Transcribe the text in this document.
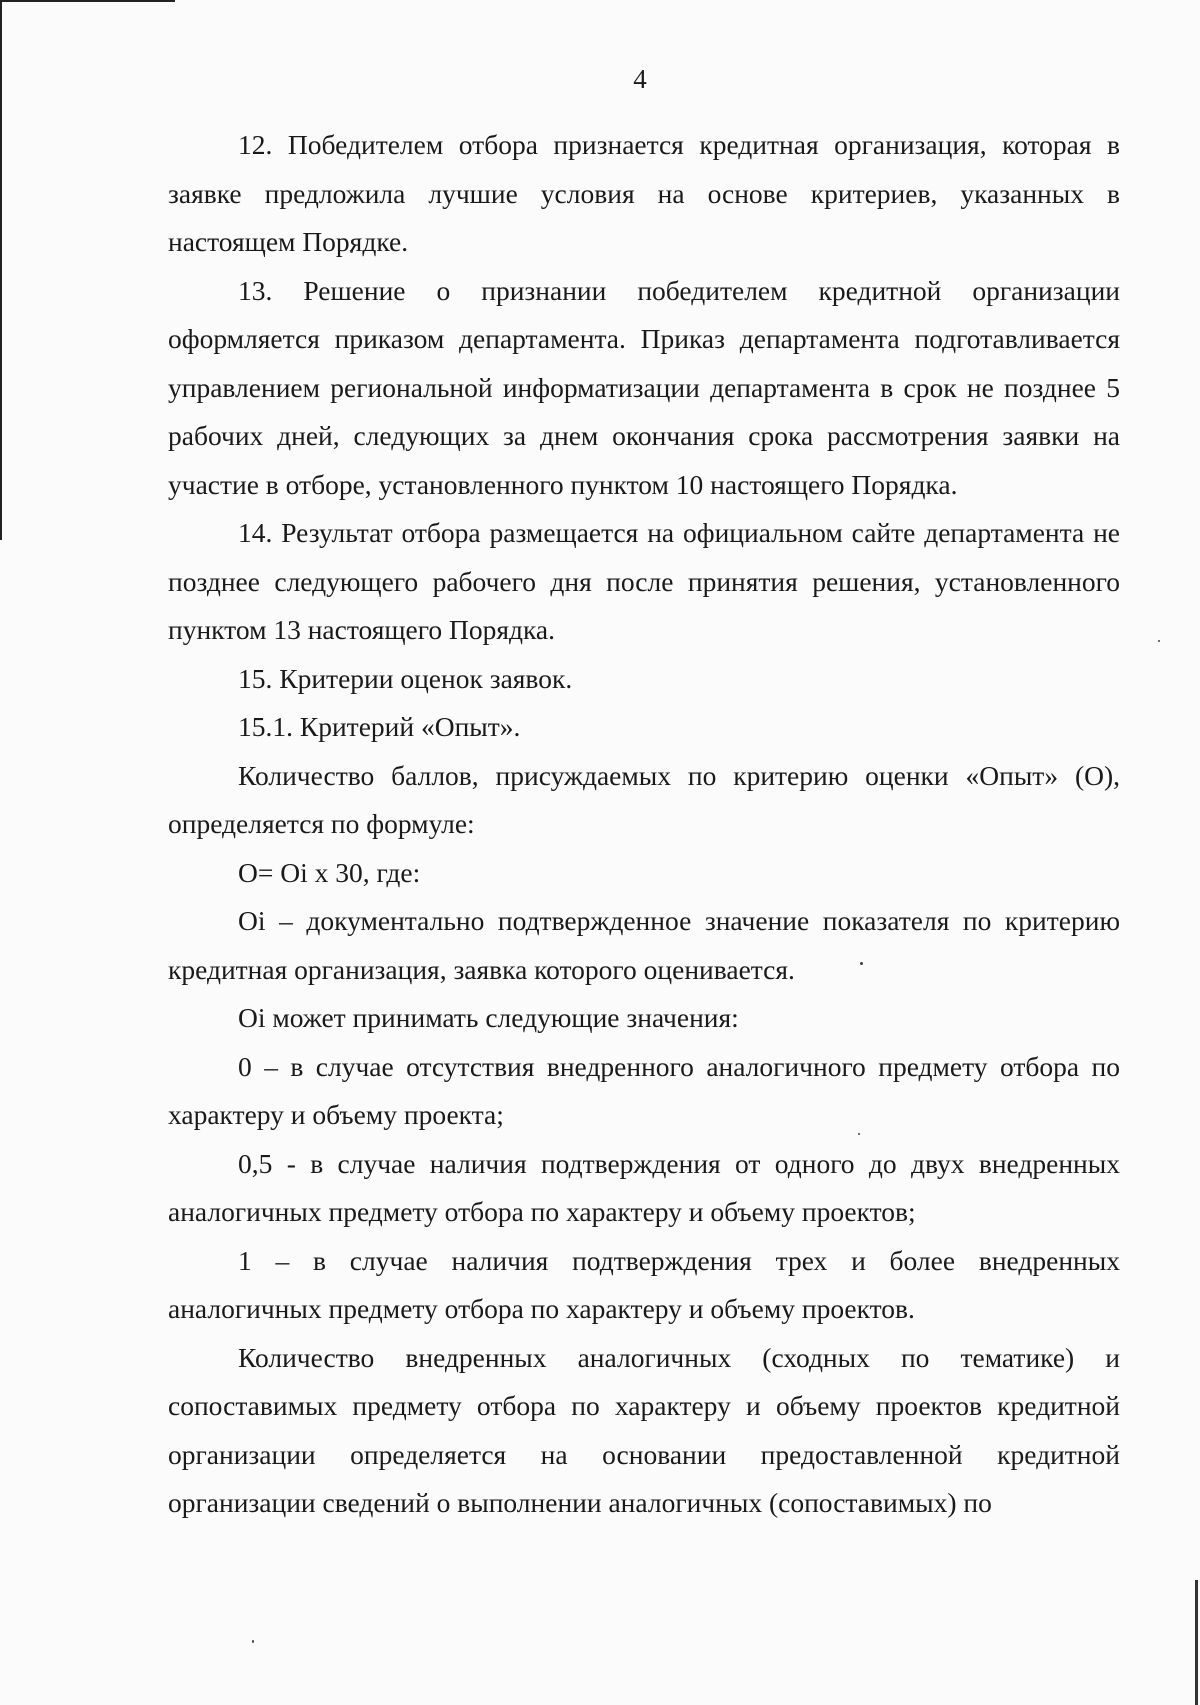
4

12. Победителем отбора признается кредитная организация, которая в заявке предложила лучшие условия на основе критериев, указанных в настоящем Порядке.

13. Решение о признании победителем кредитной организации оформляется приказом департамента. Приказ департамента подготавливается управлением региональной информатизации департамента в срок не позднее 5 рабочих дней, следующих за днем окончания срока рассмотрения заявки на участие в отборе, установленного пунктом 10 настоящего Порядка.

14. Результат отбора размещается на официальном сайте департамента не позднее следующего рабочего дня после принятия решения, установленного пунктом 13 настоящего Порядка.

15. Критерии оценок заявок.

15.1. Критерий «Опыт».

Количество баллов, присуждаемых по критерию оценки «Опыт» (О), определяется по формуле:

О= Оi х 30, где:

Оi – документально подтвержденное значение показателя по критерию кредитная организация, заявка которого оценивается.

Оi может принимать следующие значения:

0 – в случае отсутствия внедренного аналогичного предмету отбора по характеру и объему проекта;

0,5 - в случае наличия подтверждения от одного до двух внедренных аналогичных предмету отбора по характеру и объему проектов;

1 – в случае наличия подтверждения трех и более внедренных аналогичных предмету отбора по характеру и объему проектов.

Количество внедренных аналогичных (сходных по тематике) и сопоставимых предмету отбора по характеру и объему проектов кредитной организации определяется на основании предоставленной кредитной организации сведений о выполнении аналогичных (сопоставимых) по
